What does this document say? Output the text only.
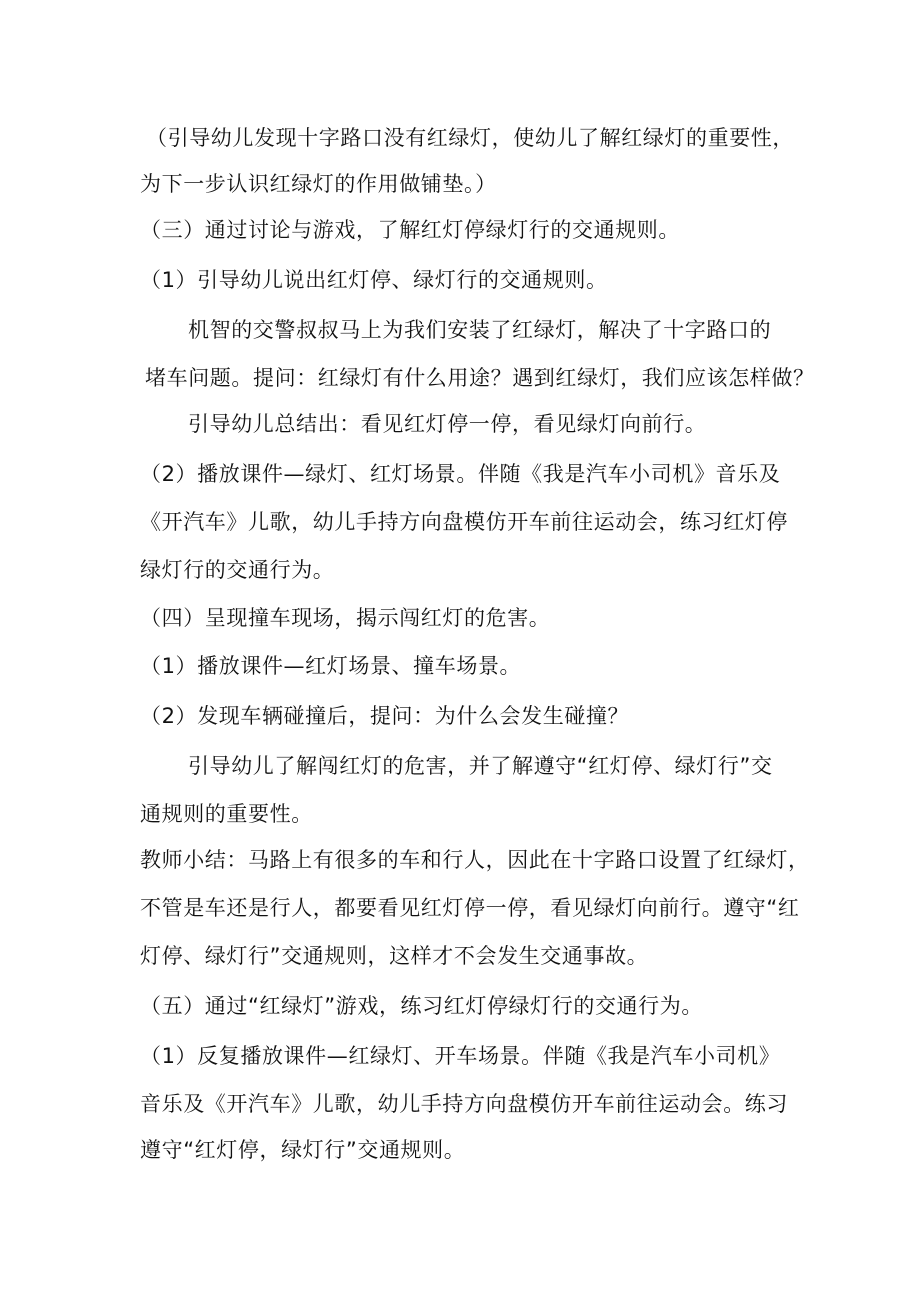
（引导幼儿发现十字路口没有红绿灯，使幼儿了解红绿灯的重要性，
为下一步认识红绿灯的作用做铺垫。）
（三）通过讨论与游戏，了解红灯停绿灯行的交通规则。
（1）引导幼儿说出红灯停、绿灯行的交通规则。
机智的交警叔叔马上为我们安装了红绿灯，解决了十字路口的
堵车问题。提问：红绿灯有什么用途？遇到红绿灯，我们应该怎样做？
引导幼儿总结出：看见红灯停一停，看见绿灯向前行。
（2）播放课件—绿灯、红灯场景。伴随《我是汽车小司机》音乐及
《开汽车》儿歌，幼儿手持方向盘模仿开车前往运动会，练习红灯停
绿灯行的交通行为。
（四）呈现撞车现场，揭示闯红灯的危害。
（1）播放课件—红灯场景、撞车场景。
（2）发现车辆碰撞后，提问：为什么会发生碰撞？
引导幼儿了解闯红灯的危害，并了解遵守“红灯停、绿灯行”交
通规则的重要性。
教师小结：马路上有很多的车和行人，因此在十字路口设置了红绿灯，
不管是车还是行人，都要看见红灯停一停，看见绿灯向前行。遵守“红
灯停、绿灯行”交通规则，这样才不会发生交通事故。
（五）通过“红绿灯”游戏，练习红灯停绿灯行的交通行为。
（1）反复播放课件—红绿灯、开车场景。伴随《我是汽车小司机》
音乐及《开汽车》儿歌，幼儿手持方向盘模仿开车前往运动会。练习
遵守“红灯停，绿灯行”交通规则。
